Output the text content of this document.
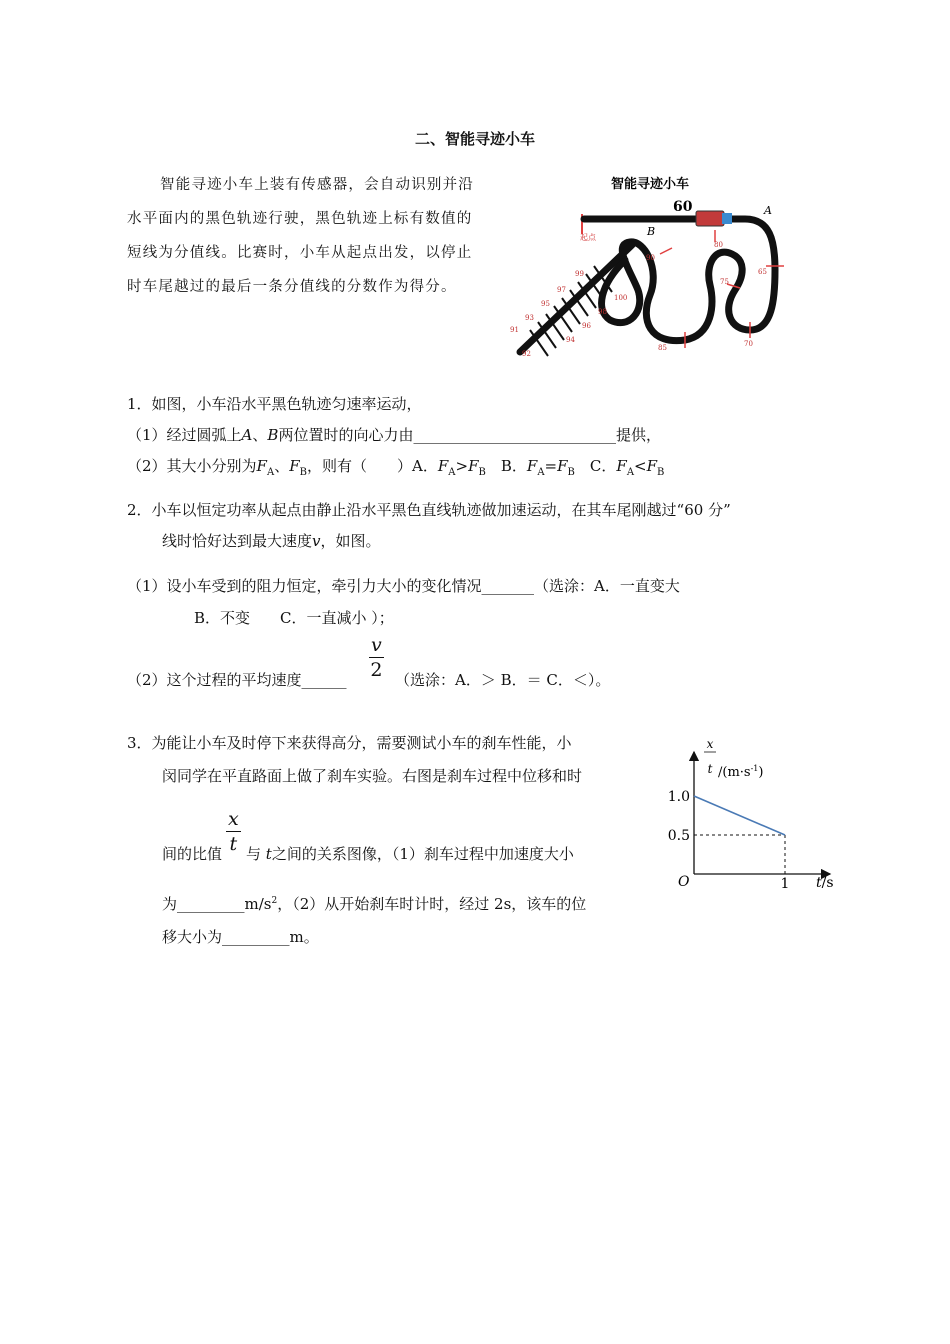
二、智能寻迹小车
智能寻迹小车上装有传感器，会自动识别并沿水平面内的黑色轨迹行驶，黑色轨迹上标有数值的短线为分值线。比赛时，小车从起点出发，以停止时车尾越过的最后一条分值线的分数作为得分。
智能寻迹小车
60
起点
A
B
65
70
75
80
85
90
91
92
93
94
95
96
97
98
99
100
1．如图，小车沿水平黑色轨迹匀速率运动，
（1）经过圆弧上A、B两位置时的向心力由___________________________提供，
（2）其大小分别为$F_A$、$F_B$，则有（　　）A．$F_A>F_B$　B．$F_A=F_B$　C．$F_A<F_B$
2．小车以恒定功率从起点由静止沿水平黑色直线轨迹做加速运动，在其车尾刚越过“60 分”
线时恰好达到最大速度v，如图。
（1）设小车受到的阻力恒定，牵引力大小的变化情况_______（选涂：A．一直变大
B．不变　　C．一直减小 ）；
（2）这个过程的平均速度______ $\frac{v}{2}$ （选涂：A．＞ B．＝ C．＜）。
3．为能让小车及时停下来获得高分，需要测试小车的刹车性能，小
闵同学在平直路面上做了刹车实验。右图是刹车过程中位移和时
间的比值 $\frac{x}{t}$ 与 t之间的关系图像，（1）刹车过程中加速度大小
为$\_\_\_\_\_\_\_\_\_m/s^2$，（2）从开始刹车时计时，经过 2s，该车的位
移大小为_________m。
x
t $/(m\cdot s^{-1})$
O	t/s
1.0
0.5
1
